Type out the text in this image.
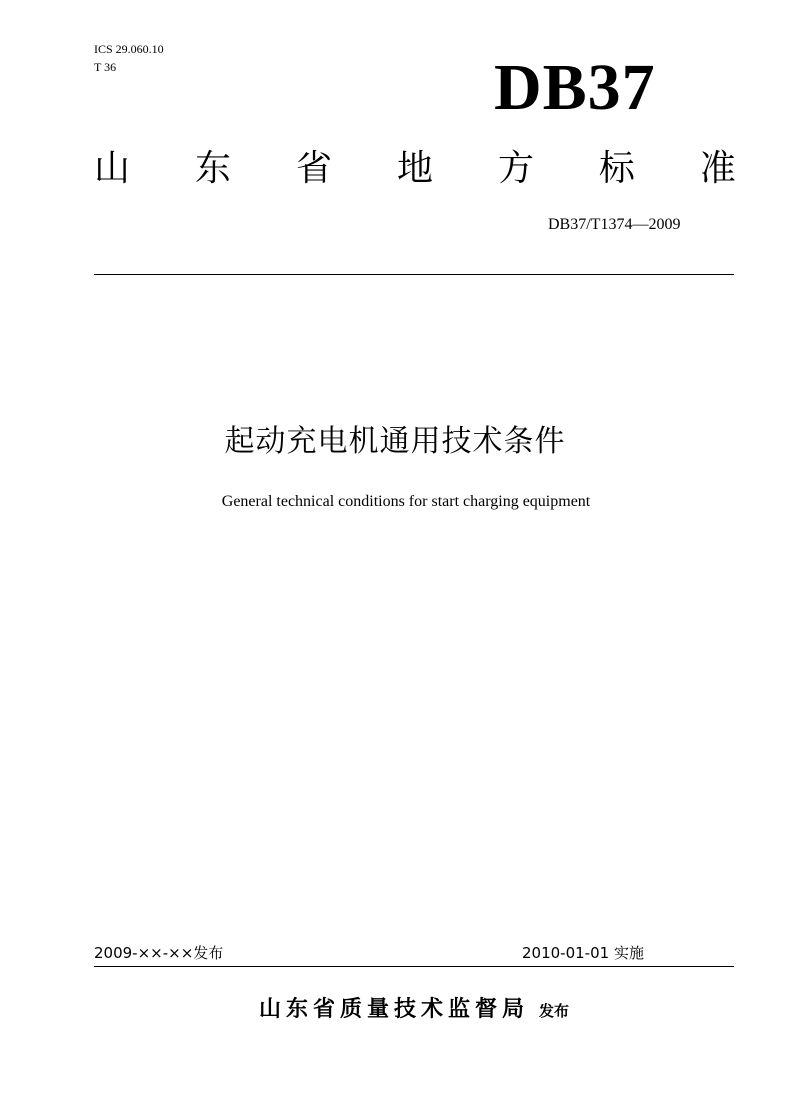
ICS 29.060.10
T 36	DB37
山 东 省 地 方 标 准
DB37/T1374—2009
起动充电机通用技术条件
General technical conditions for start charging equipment
2009-××-××发布	2010-01-01 实施
山东省质量技术监督局 发布
